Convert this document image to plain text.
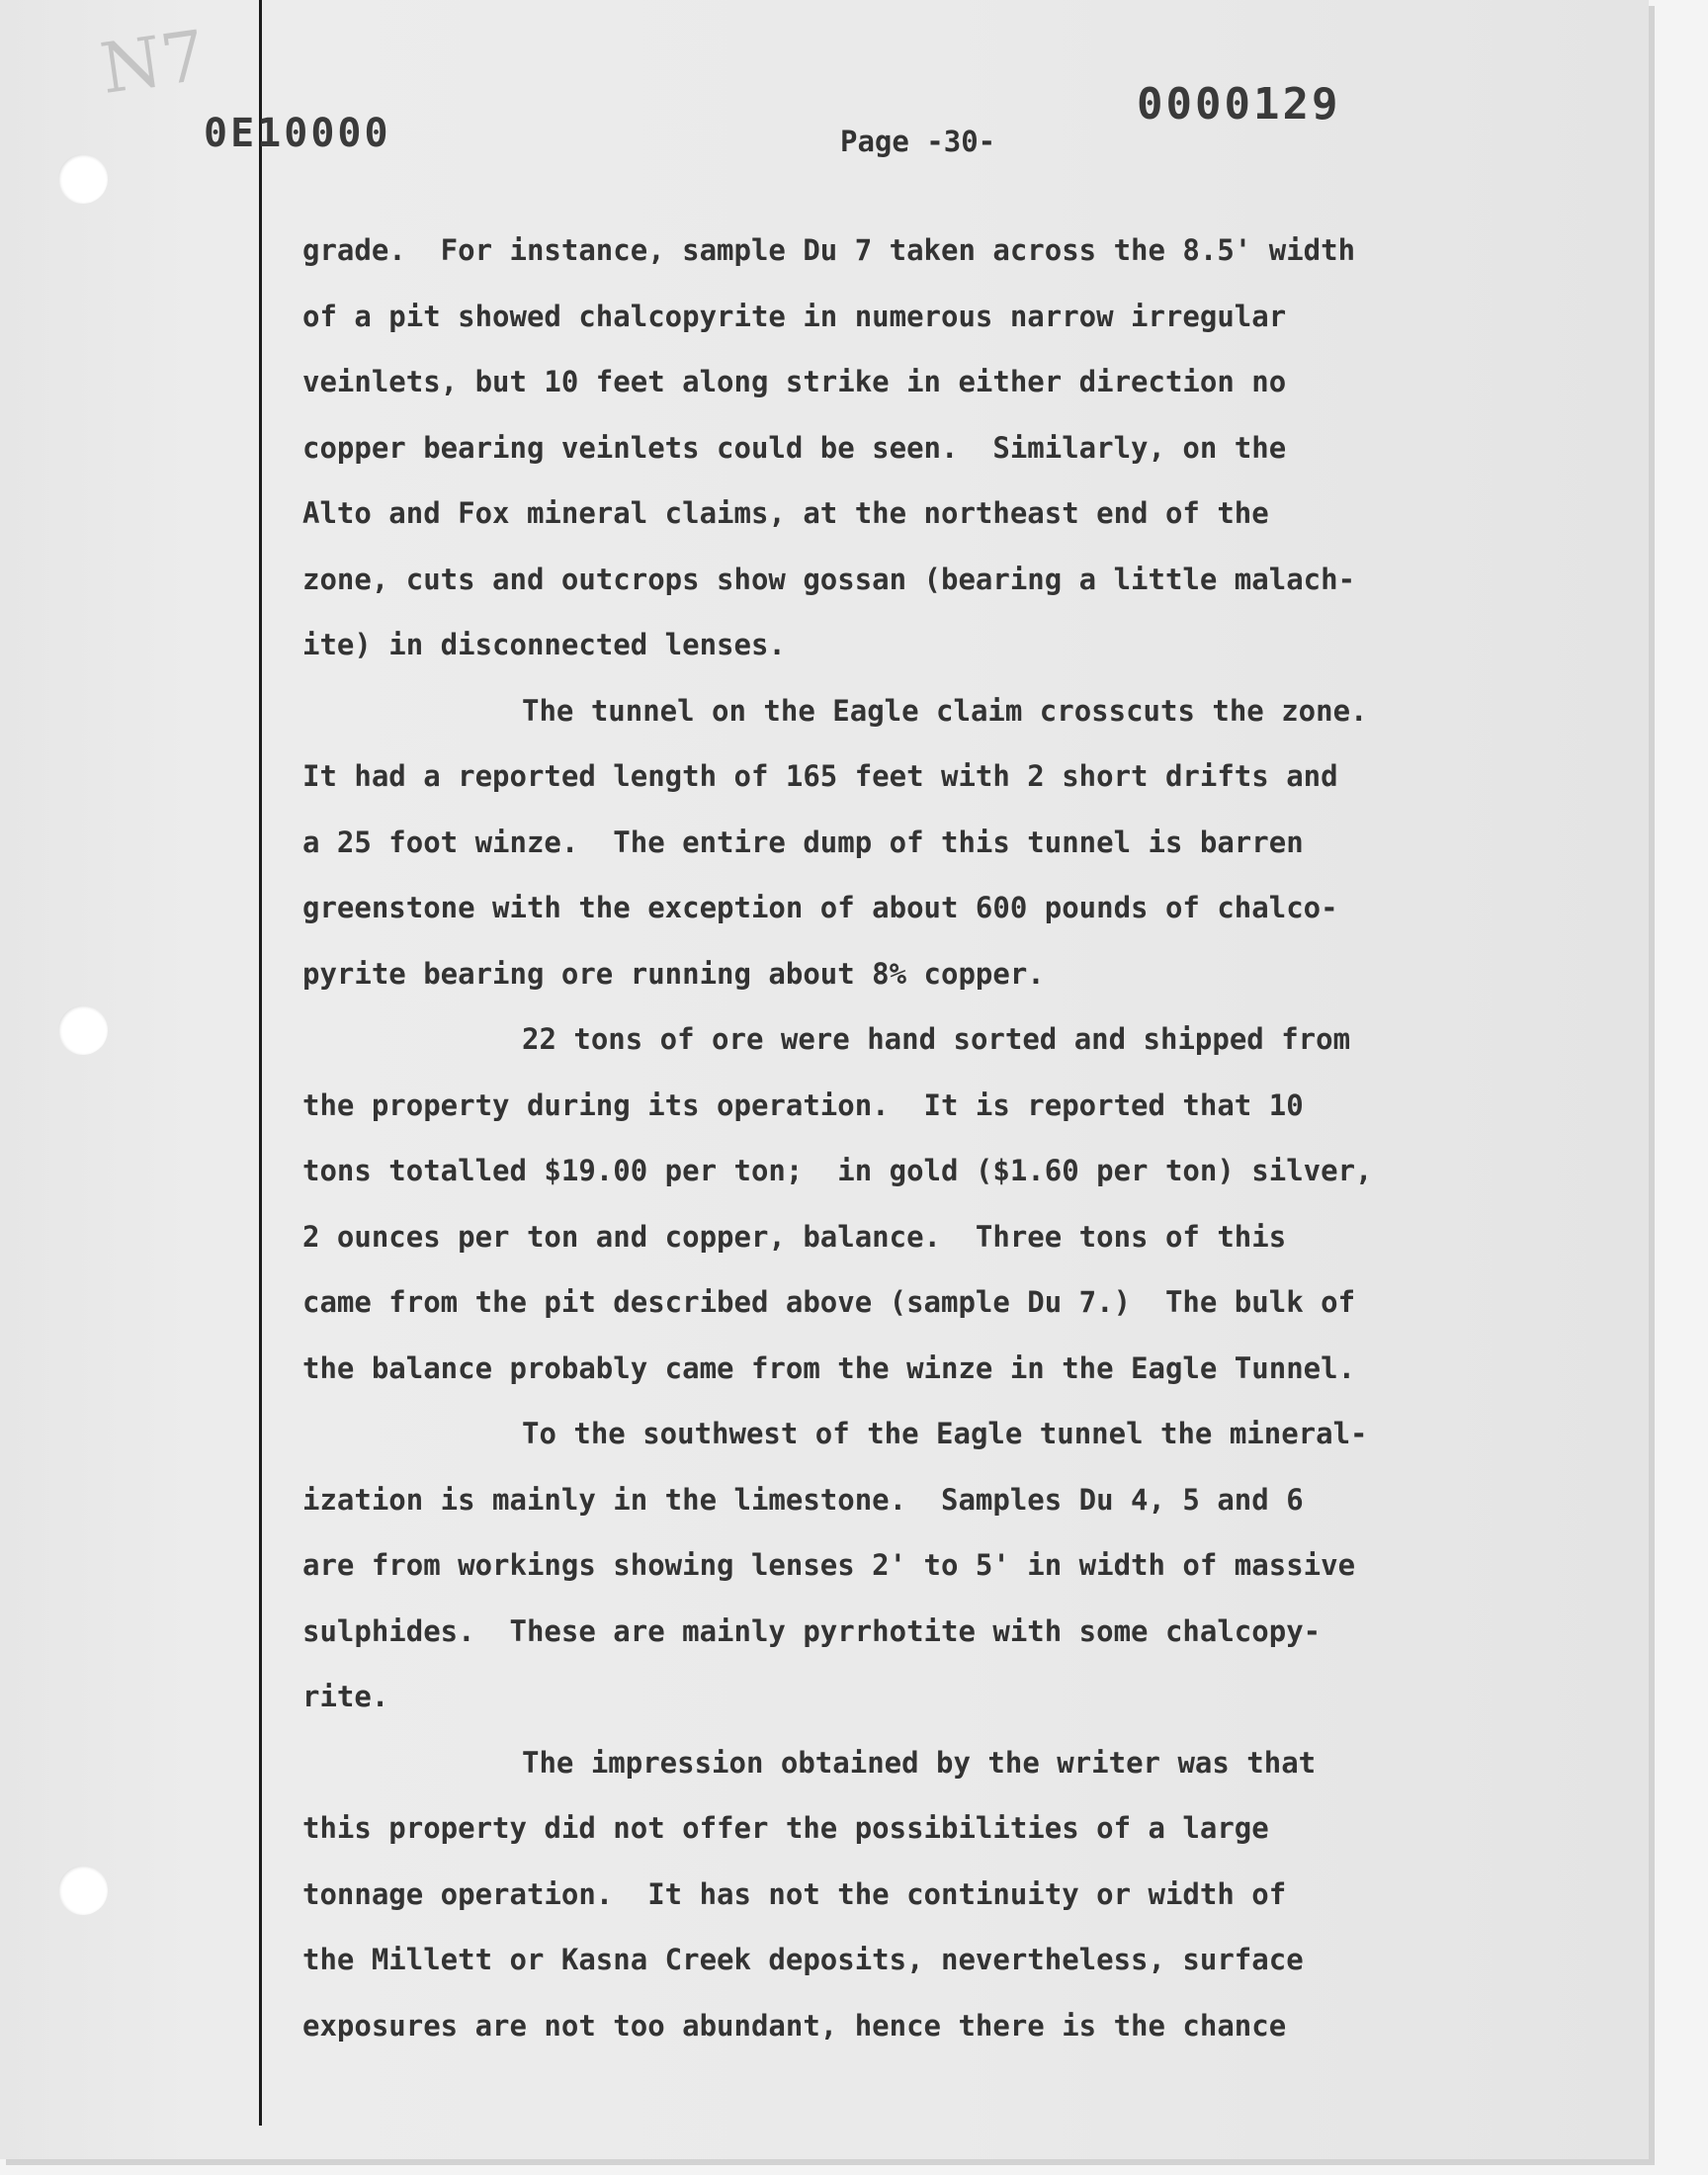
N7
0E10000	Page -30-
0000129
grade.  For instance, sample Du 7 taken across the 8.5' width
of a pit showed chalcopyrite in numerous narrow irregular
veinlets, but 10 feet along strike in either direction no
copper bearing veinlets could be seen.  Similarly, on the
Alto and Fox mineral claims, at the northeast end of the
zone, cuts and outcrops show gossan (bearing a little malach-
ite) in disconnected lenses.
The tunnel on the Eagle claim crosscuts the zone.
It had a reported length of 165 feet with 2 short drifts and
a 25 foot winze.  The entire dump of this tunnel is barren
greenstone with the exception of about 600 pounds of chalco-
pyrite bearing ore running about 8% copper.
22 tons of ore were hand sorted and shipped from
the property during its operation.  It is reported that 10
tons totalled $19.00 per ton;  in gold ($1.60 per ton) silver,
2 ounces per ton and copper, balance.  Three tons of this
came from the pit described above (sample Du 7.)  The bulk of
the balance probably came from the winze in the Eagle Tunnel.
To the southwest of the Eagle tunnel the mineral-
ization is mainly in the limestone.  Samples Du 4, 5 and 6
are from workings showing lenses 2' to 5' in width of massive
sulphides.  These are mainly pyrrhotite with some chalcopy-
rite.
The impression obtained by the writer was that
this property did not offer the possibilities of a large
tonnage operation.  It has not the continuity or width of
the Millett or Kasna Creek deposits, nevertheless, surface
exposures are not too abundant, hence there is the chance
